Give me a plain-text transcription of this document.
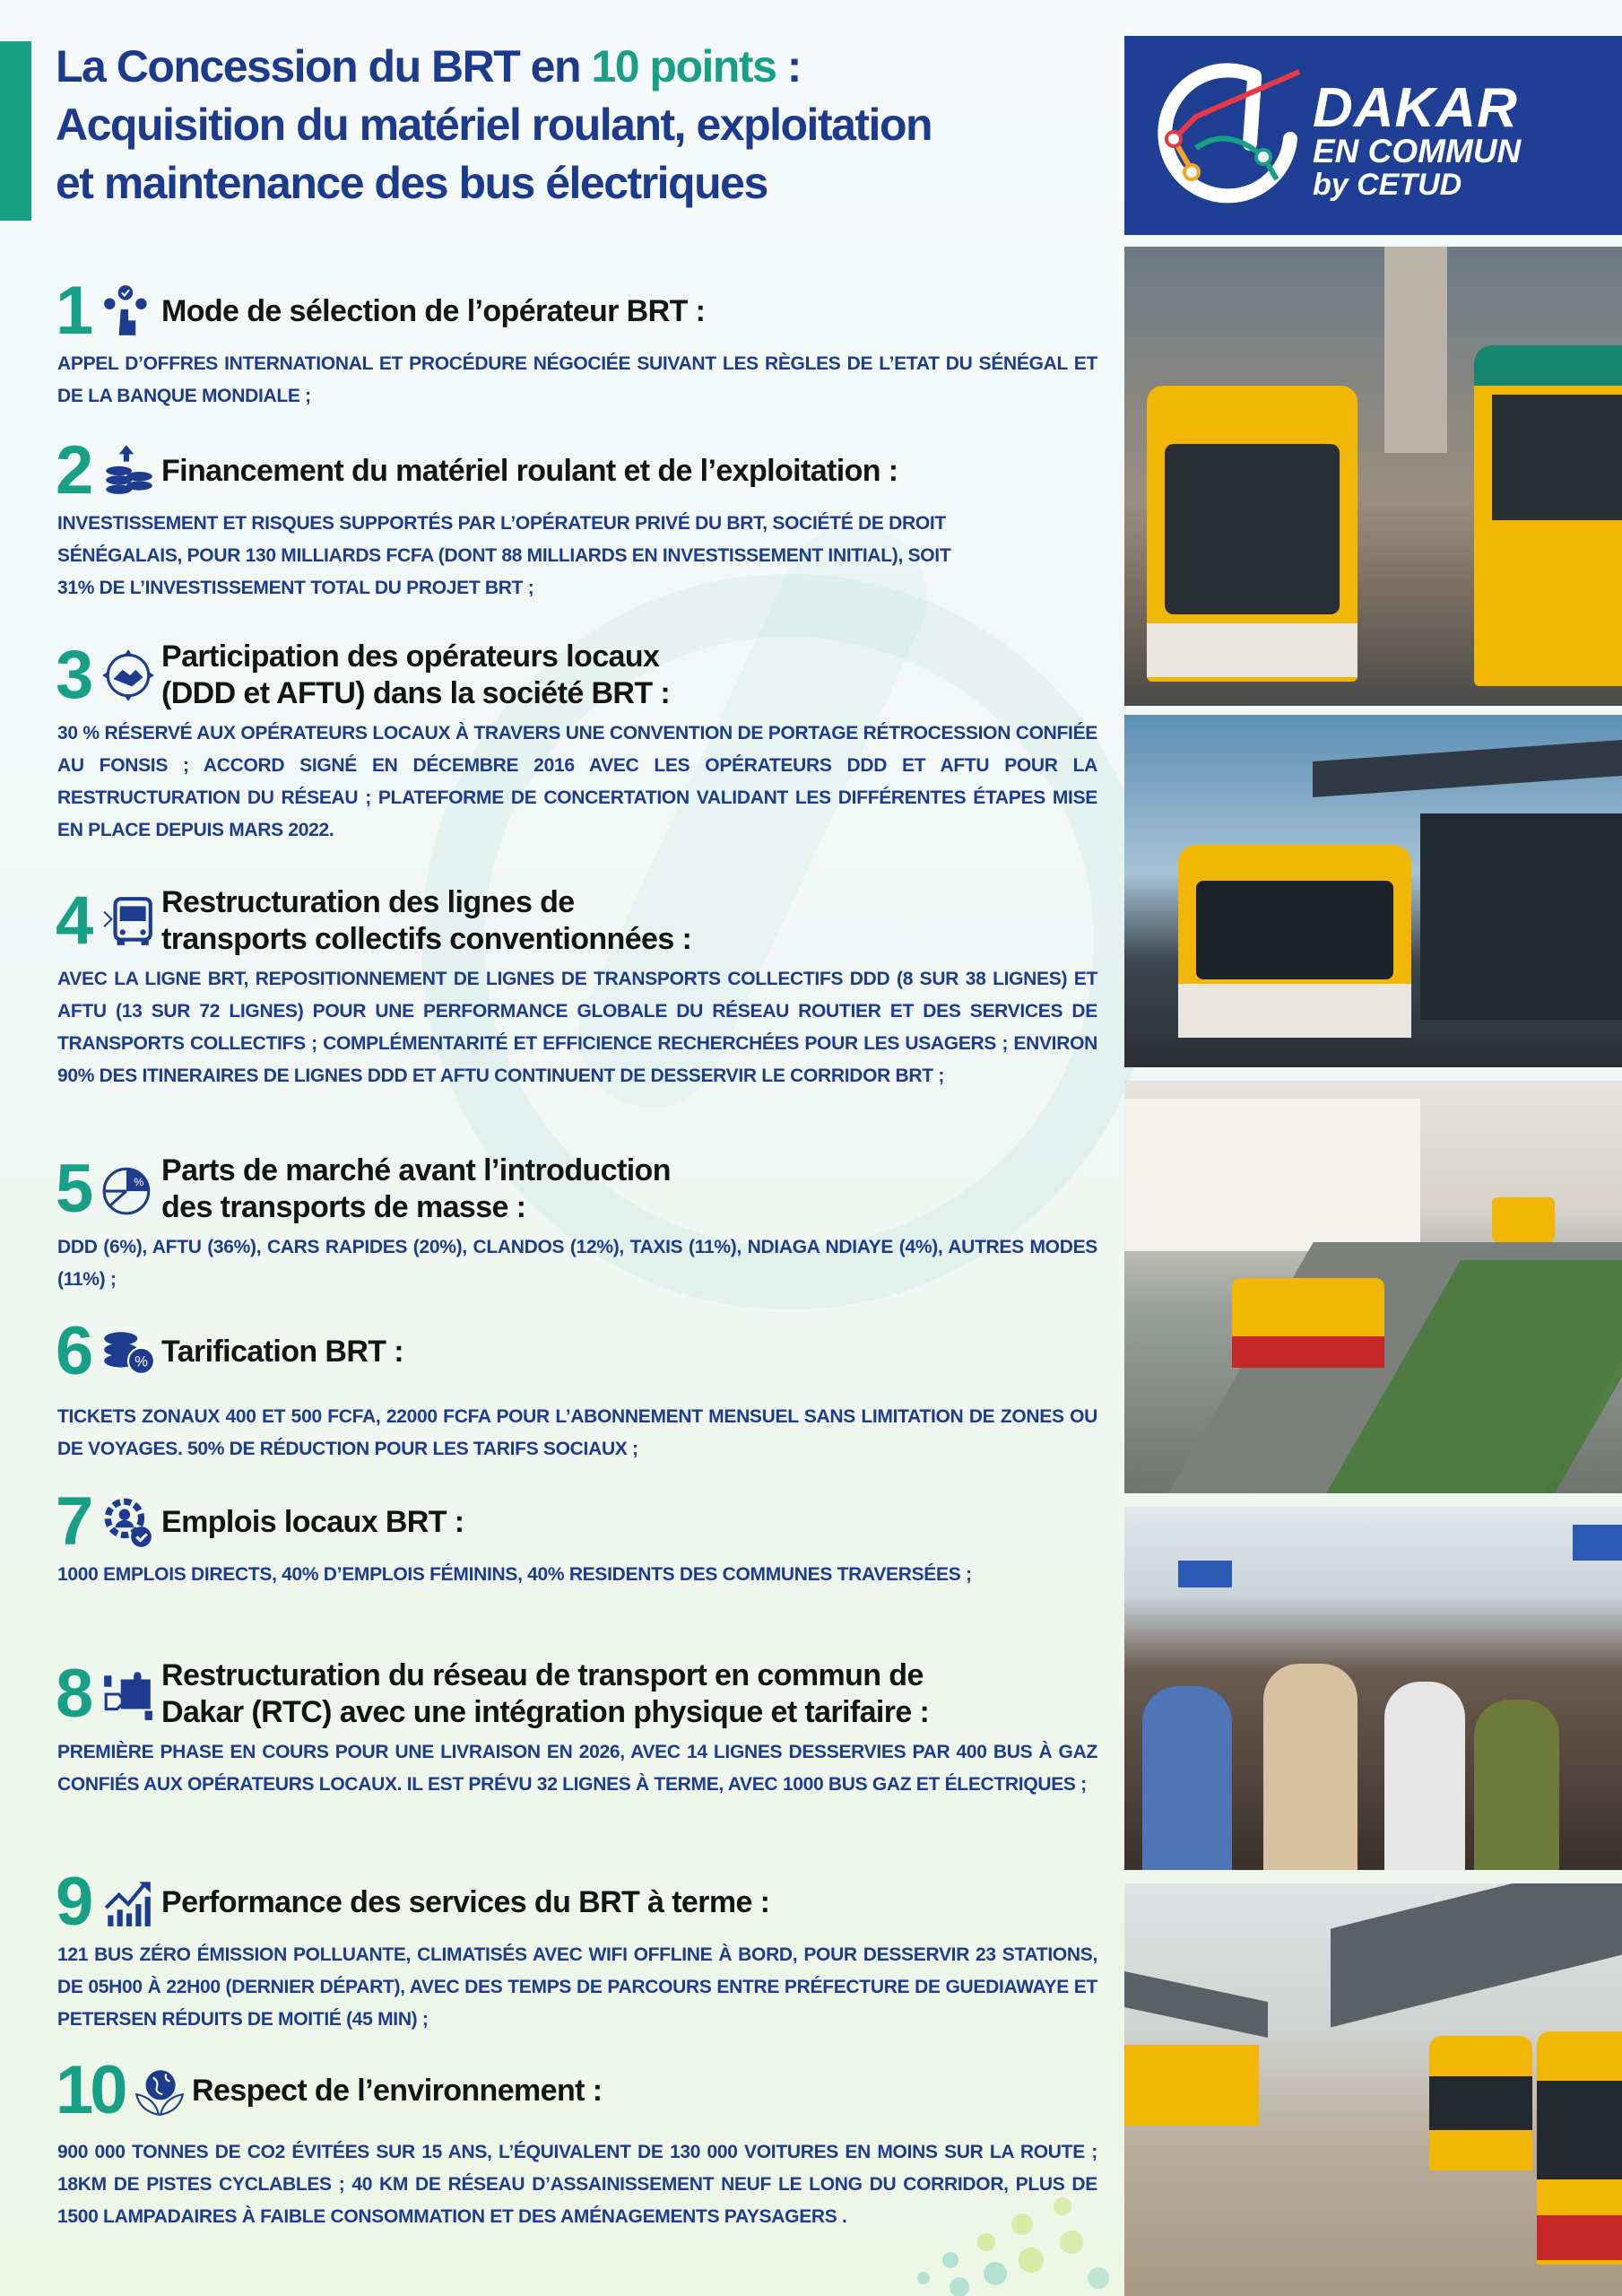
La Concession du BRT en 10 points :
Acquisition du matériel roulant, exploitation
et maintenance des bus électriques
DAKAR
EN COMMUN
by CETUD
1 Mode de sélection de l’opérateur BRT :
APPEL D’OFFRES INTERNATIONAL ET PROCÉDURE NÉGOCIÉE SUIVANT LES RÈGLES DE L’ETAT DU SÉNÉGAL ET DE LA BANQUE MONDIALE ;
2 Financement du matériel roulant et de l’exploitation :
INVESTISSEMENT ET RISQUES SUPPORTÉS PAR L’OPÉRATEUR PRIVÉ DU BRT, SOCIÉTÉ DE DROIT SÉNÉGALAIS, POUR 130 MILLIARDS FCFA (DONT 88 MILLIARDS EN INVESTISSEMENT INITIAL), SOIT 31% DE L’INVESTISSEMENT TOTAL DU PROJET BRT ;
3 Participation des opérateurs locaux
(DDD et AFTU) dans la société BRT :
30 % RÉSERVÉ AUX OPÉRATEURS LOCAUX À TRAVERS UNE CONVENTION DE PORTAGE RÉTROCESSION CONFIÉE AU FONSIS ; ACCORD SIGNÉ EN DÉCEMBRE 2016 AVEC LES OPÉRATEURS DDD ET AFTU POUR LA RESTRUCTURATION DU RÉSEAU ; PLATEFORME DE CONCERTATION VALIDANT LES DIFFÉRENTES ÉTAPES MISE EN PLACE DEPUIS MARS 2022.
4 Restructuration des lignes de
transports collectifs conventionnées :
AVEC LA LIGNE BRT, REPOSITIONNEMENT DE LIGNES DE TRANSPORTS COLLECTIFS DDD (8 SUR 38 LIGNES) ET AFTU (13 SUR 72 LIGNES) POUR UNE PERFORMANCE GLOBALE DU RÉSEAU ROUTIER ET DES SERVICES DE TRANSPORTS COLLECTIFS ; COMPLÉMENTARITÉ ET EFFICIENCE RECHERCHÉES POUR LES USAGERS ; ENVIRON 90% DES ITINERAIRES DE LIGNES DDD ET AFTU CONTINUENT DE DESSERVIR LE CORRIDOR BRT ;
5	% Parts de marché avant l’introduction
des transports de masse :
DDD (6%), AFTU (36%), CARS RAPIDES (20%), CLANDOS (12%), TAXIS (11%), NDIAGA NDIAYE (4%), AUTRES MODES (11%) ;
6	% Tarification BRT :
TICKETS ZONAUX 400 ET 500 FCFA, 22000 FCFA POUR L’ABONNEMENT MENSUEL SANS LIMITATION DE ZONES OU DE VOYAGES. 50% DE RÉDUCTION POUR LES TARIFS SOCIAUX ;
7 Emplois locaux BRT :
1000 EMPLOIS DIRECTS, 40% D’EMPLOIS FÉMININS, 40% RESIDENTS DES COMMUNES TRAVERSÉES ;
8 Restructuration du réseau de transport en commun de
Dakar (RTC) avec une intégration physique et tarifaire :
PREMIÈRE PHASE EN COURS POUR UNE LIVRAISON EN 2026, AVEC 14 LIGNES DESSERVIES PAR 400 BUS À GAZ CONFIÉS AUX OPÉRATEURS LOCAUX. IL EST PRÉVU 32 LIGNES À TERME, AVEC 1000 BUS GAZ ET ÉLECTRIQUES ;
9 Performance des services du BRT à terme :
121 BUS ZÉRO ÉMISSION POLLUANTE, CLIMATISÉS AVEC WIFI OFFLINE À BORD, POUR DESSERVIR 23 STATIONS, DE 05H00 À 22H00 (DERNIER DÉPART), AVEC DES TEMPS DE PARCOURS ENTRE PRÉFECTURE DE GUEDIAWAYE ET PETERSEN RÉDUITS DE MOITIÉ (45 MIN) ;
10 Respect de l’environnement :
900 000 TONNES DE CO2 ÉVITÉES SUR 15 ANS, L’ÉQUIVALENT DE 130 000 VOITURES EN MOINS SUR LA ROUTE ; 18KM DE PISTES CYCLABLES ; 40 KM DE RÉSEAU D’ASSAINISSEMENT NEUF LE LONG DU CORRIDOR, PLUS DE 1500 LAMPADAIRES À FAIBLE CONSOMMATION ET DES AMÉNAGEMENTS PAYSAGERS .
